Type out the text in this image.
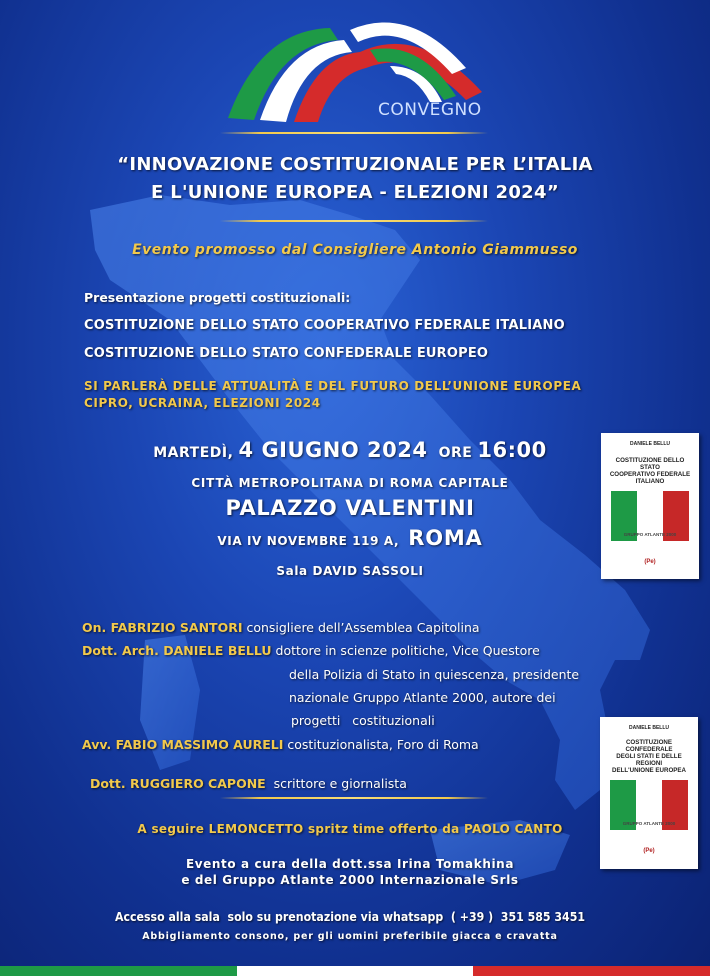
CONVEGNO
“INNOVAZIONE COSTITUZIONALE PER L’ITALIA
E L'UNIONE EUROPEA - ELEZIONI 2024”
Evento promosso dal Consigliere Antonio Giammusso
Presentazione progetti costituzionali:
COSTITUZIONE DELLO STATO COOPERATIVO FEDERALE ITALIANO
COSTITUZIONE DELLO STATO CONFEDERALE EUROPEO
SI PARLERÀ DELLE ATTUALITÀ E DEL FUTURO DELL’UNIONE EUROPEA
CIPRO, UCRAINA, ELEZIONI 2024
MARTEDÌ, 4 GIUGNO 2024 ORE 16:00
CITTÀ METROPOLITANA DI ROMA CAPITALE
PALAZZO VALENTINI
VIA IV NOVEMBRE 119 A, ROMA
Sala DAVID SASSOLI
DANIELE BELLU
COSTITUZIONE DELLO STATO
COOPERATIVO FEDERALE ITALIANO
GRUPPO ATLANTE 2000
(Pe)
DANIELE BELLU
COSTITUZIONE CONFEDERALE
DEGLI STATI E DELLE REGIONI
DELL'UNIONE EUROPEA
GRUPPO ATLANTE 2000
(Pe)
On. FABRIZIO SANTORI consigliere dell’Assemblea Capitolina
Dott. Arch. DANIELE BELLU dottore in scienze politiche, Vice Questore
della Polizia di Stato in quiescenza, presidente
nazionale Gruppo Atlante 2000, autore dei
progetti   costituzionali
Avv. FABIO MASSIMO AURELI costituzionalista, Foro di Roma

Dott. RUGGIERO CAPONE  scrittore e giornalista

A seguire LEMONCETTO spritz time offerto da PAOLO CANTO
Evento a cura della dott.ssa Irina Tomakhina
e del Gruppo Atlante 2000 Internazionale Srls
Accesso alla sala  solo su prenotazione via whatsapp  ( +39 )  351 585 3451
Abbigliamento consono, per gli uomini preferibile giacca e cravatta
